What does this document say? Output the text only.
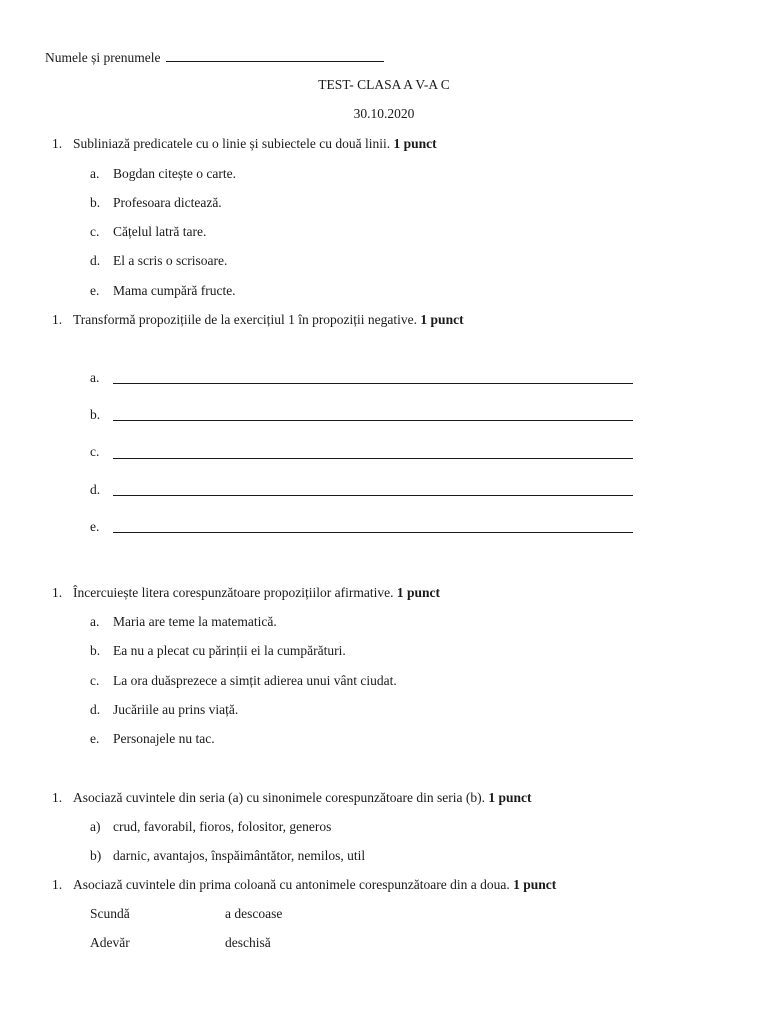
Numele și prenumele
TEST- CLASA A V-A C
30.10.2020
1. Subliniază predicatele cu o linie și subiectele cu două linii. 1 punct
a. Bogdan citește o carte.
b. Profesoara dictează.
c. Cățelul latră tare.
d. El a scris o scrisoare.
e. Mama cumpără fructe.
1. Transformă propozițiile de la exercițiul 1 în propoziții negative. 1 punct
a.
b.
c.
d.
e.
1. Încercuiește litera corespunzătoare propozițiilor afirmative. 1 punct
a. Maria are teme la matematică.
b. Ea nu a plecat cu părinții ei la cumpărături.
c. La ora duăsprezece a simțit adierea unui vânt ciudat.
d. Jucăriile au prins viață.
e. Personajele nu tac.
1. Asociază cuvintele din seria (a) cu sinonimele corespunzătoare din seria (b). 1 punct
a) crud, favorabil, fioros, folositor, generos
b) darnic, avantajos, înspăimântător, nemilos, util
1. Asociază cuvintele din prima coloană cu antonimele corespunzătoare din a doua. 1 punct
Scundă	a descoase
Adevăr	deschisă
